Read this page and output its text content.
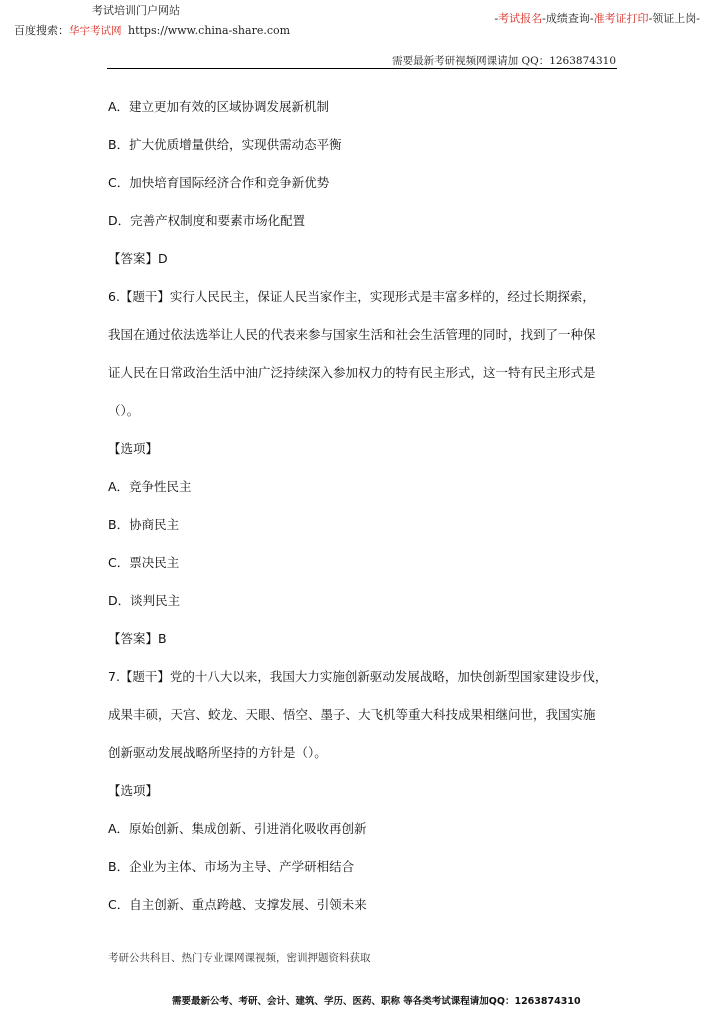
考试培训门户网站
百度搜索：华宇考试网 https://www.china-share.com
-考试报名-成绩查询-准考证打印-领证上岗-
需要最新考研视频网课请加 QQ：1263874310
A．建立更加有效的区域协调发展新机制
B．扩大优质增量供给，实现供需动态平衡
C．加快培育国际经济合作和竞争新优势
D．完善产权制度和要素市场化配置
【答案】D
6.【题干】实行人民民主，保证人民当家作主，实现形式是丰富多样的，经过长期探索，
我国在通过依法选举让人民的代表来参与国家生活和社会生活管理的同时，找到了一种保
证人民在日常政治生活中油广泛持续深入参加权力的特有民主形式，这一特有民主形式是
（）。
【选项】
A．竞争性民主
B．协商民主
C．票决民主
D．谈判民主
【答案】B
7.【题干】党的十八大以来，我国大力实施创新驱动发展战略，加快创新型国家建设步伐，
成果丰硕，天宫、蛟龙、天眼、悟空、墨子、大飞机等重大科技成果相继问世，我国实施
创新驱动发展战略所坚持的方针是（）。
【选项】
A．原始创新、集成创新、引进消化吸收再创新
B．企业为主体、市场为主导、产学研相结合
C．自主创新、重点跨越、支撑发展、引领未来
考研公共科目、热门专业课网课视频，密训押题资料获取
需要最新公考、考研、会计、建筑、学历、医药、职称 等各类考试课程请加QQ：1263874310
